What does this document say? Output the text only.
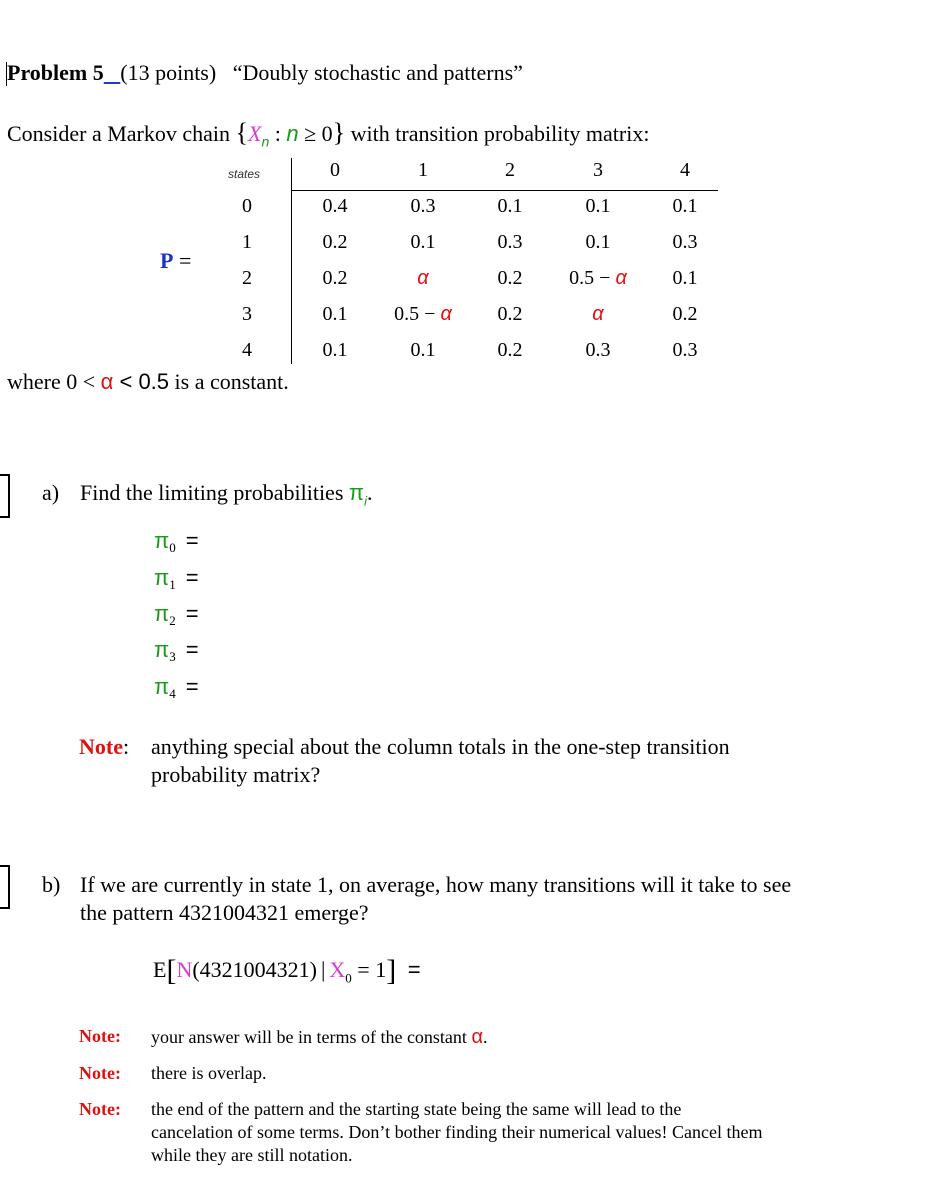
Problem 5 (13 points) “Doubly stochastic and patterns”
Consider a Markov chain {$X_n$ : n ≥ 0} with transition probability matrix:
states
P =
0	1	2	3	4
0	0.4	0.3	0.1	0.1	0.1
1	0.2	0.1	0.3	0.1	0.3
2	0.2	α	0.2	0.5 − α	0.1
3	0.1	0.5 − α	0.2	α	0.2
4	0.1	0.1	0.2	0.3	0.3
where 0 < α < 0.5 is a constant.
a) Find the limiting probabilities $\pi_i$.
$\pi_0$ =
$\pi_1$ =
$\pi_2$ =
$\pi_3$ =
$\pi_4$ =
Note: anything special about the column totals in the one-step transition
probability matrix?
b) If we are currently in state 1, on average, how many transitions will it take to see
the pattern 4321004321 emerge?
E[N(4321004321) | $X_0 = 1$] =
Note: your answer will be in terms of the constant α.
Note: there is overlap.
Note: the end of the pattern and the starting state being the same will lead to the
cancelation of some terms. Don’t bother finding their numerical values! Cancel them
while they are still notation.
